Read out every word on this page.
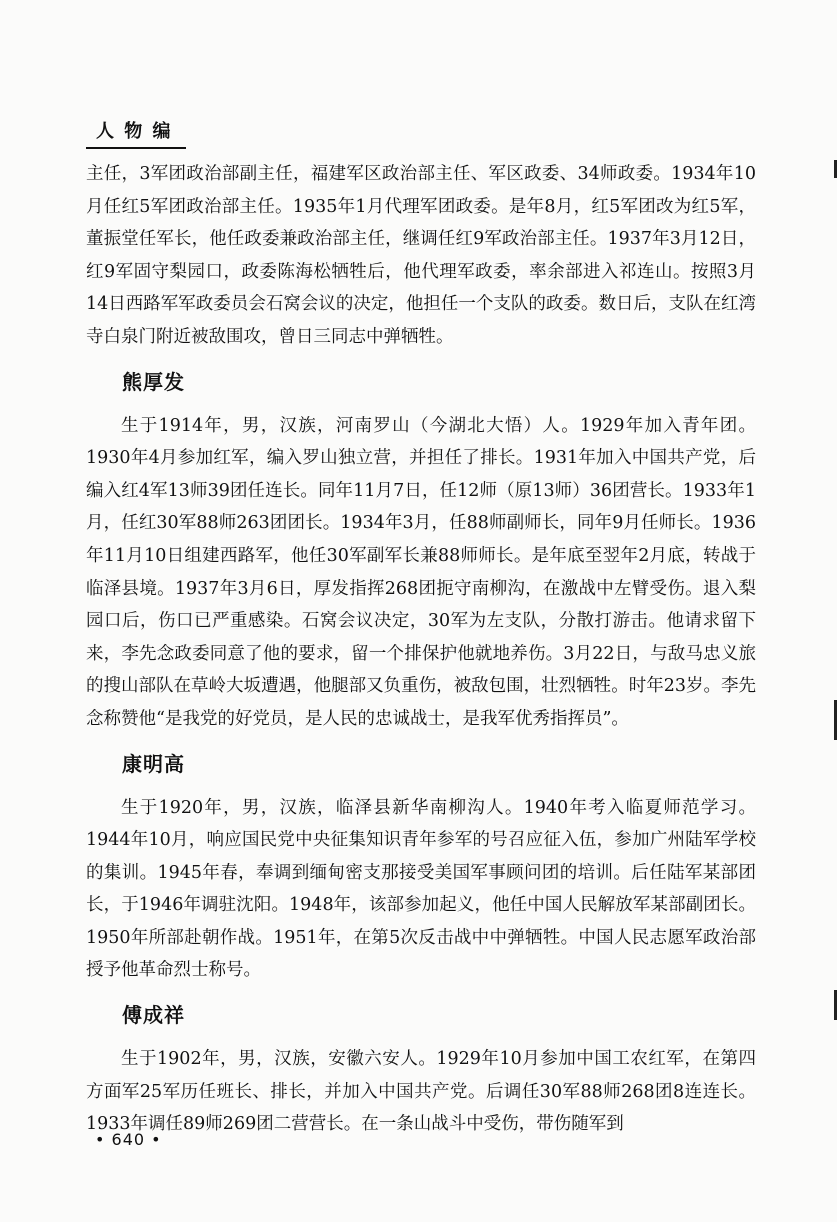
人 物 编

主任，3军团政治部副主任，福建军区政治部主任、军区政委、34师政委。1934年10月任红5军团政治部主任。1935年1月代理军团政委。是年8月，红5军团改为红5军，董振堂任军长，他任政委兼政治部主任，继调任红9军政治部主任。1937年3月12日，红9军固守梨园口，政委陈海松牺牲后，他代理军政委，率余部进入祁连山。按照3月14日西路军军政委员会石窝会议的决定，他担任一个支队的政委。数日后，支队在红湾寺白泉门附近被敌围攻，曾日三同志中弹牺牲。

熊厚发

生于1914年，男，汉族，河南罗山（今湖北大悟）人。1929年加入青年团。1930年4月参加红军，编入罗山独立营，并担任了排长。1931年加入中国共产党，后编入红4军13师39团任连长。同年11月7日，任12师（原13师）36团营长。1933年1月，任红30军88师263团团长。1934年3月，任88师副师长，同年9月任师长。1936年11月10日组建西路军，他任30军副军长兼88师师长。是年底至翌年2月底，转战于临泽县境。1937年3月6日，厚发指挥268团扼守南柳沟，在激战中左臂受伤。退入梨园口后，伤口已严重感染。石窝会议决定，30军为左支队，分散打游击。他请求留下来，李先念政委同意了他的要求，留一个排保护他就地养伤。3月22日，与敌马忠义旅的搜山部队在草岭大坂遭遇，他腿部又负重伤，被敌包围，壮烈牺牲。时年23岁。李先念称赞他“是我党的好党员，是人民的忠诚战士，是我军优秀指挥员”。

康明高

生于1920年，男，汉族，临泽县新华南柳沟人。1940年考入临夏师范学习。1944年10月，响应国民党中央征集知识青年参军的号召应征入伍，参加广州陆军学校的集训。1945年春，奉调到缅甸密支那接受美国军事顾问团的培训。后任陆军某部团长，于1946年调驻沈阳。1948年，该部参加起义，他任中国人民解放军某部副团长。1950年所部赴朝作战。1951年，在第5次反击战中中弹牺牲。中国人民志愿军政治部授予他革命烈士称号。

傅成祥

生于1902年，男，汉族，安徽六安人。1929年10月参加中国工农红军，在第四方面军25军历任班长、排长，并加入中国共产党。后调任30军88师268团8连连长。1933年调任89师269团二营营长。在一条山战斗中受伤，带伤随军到

• 640 •
